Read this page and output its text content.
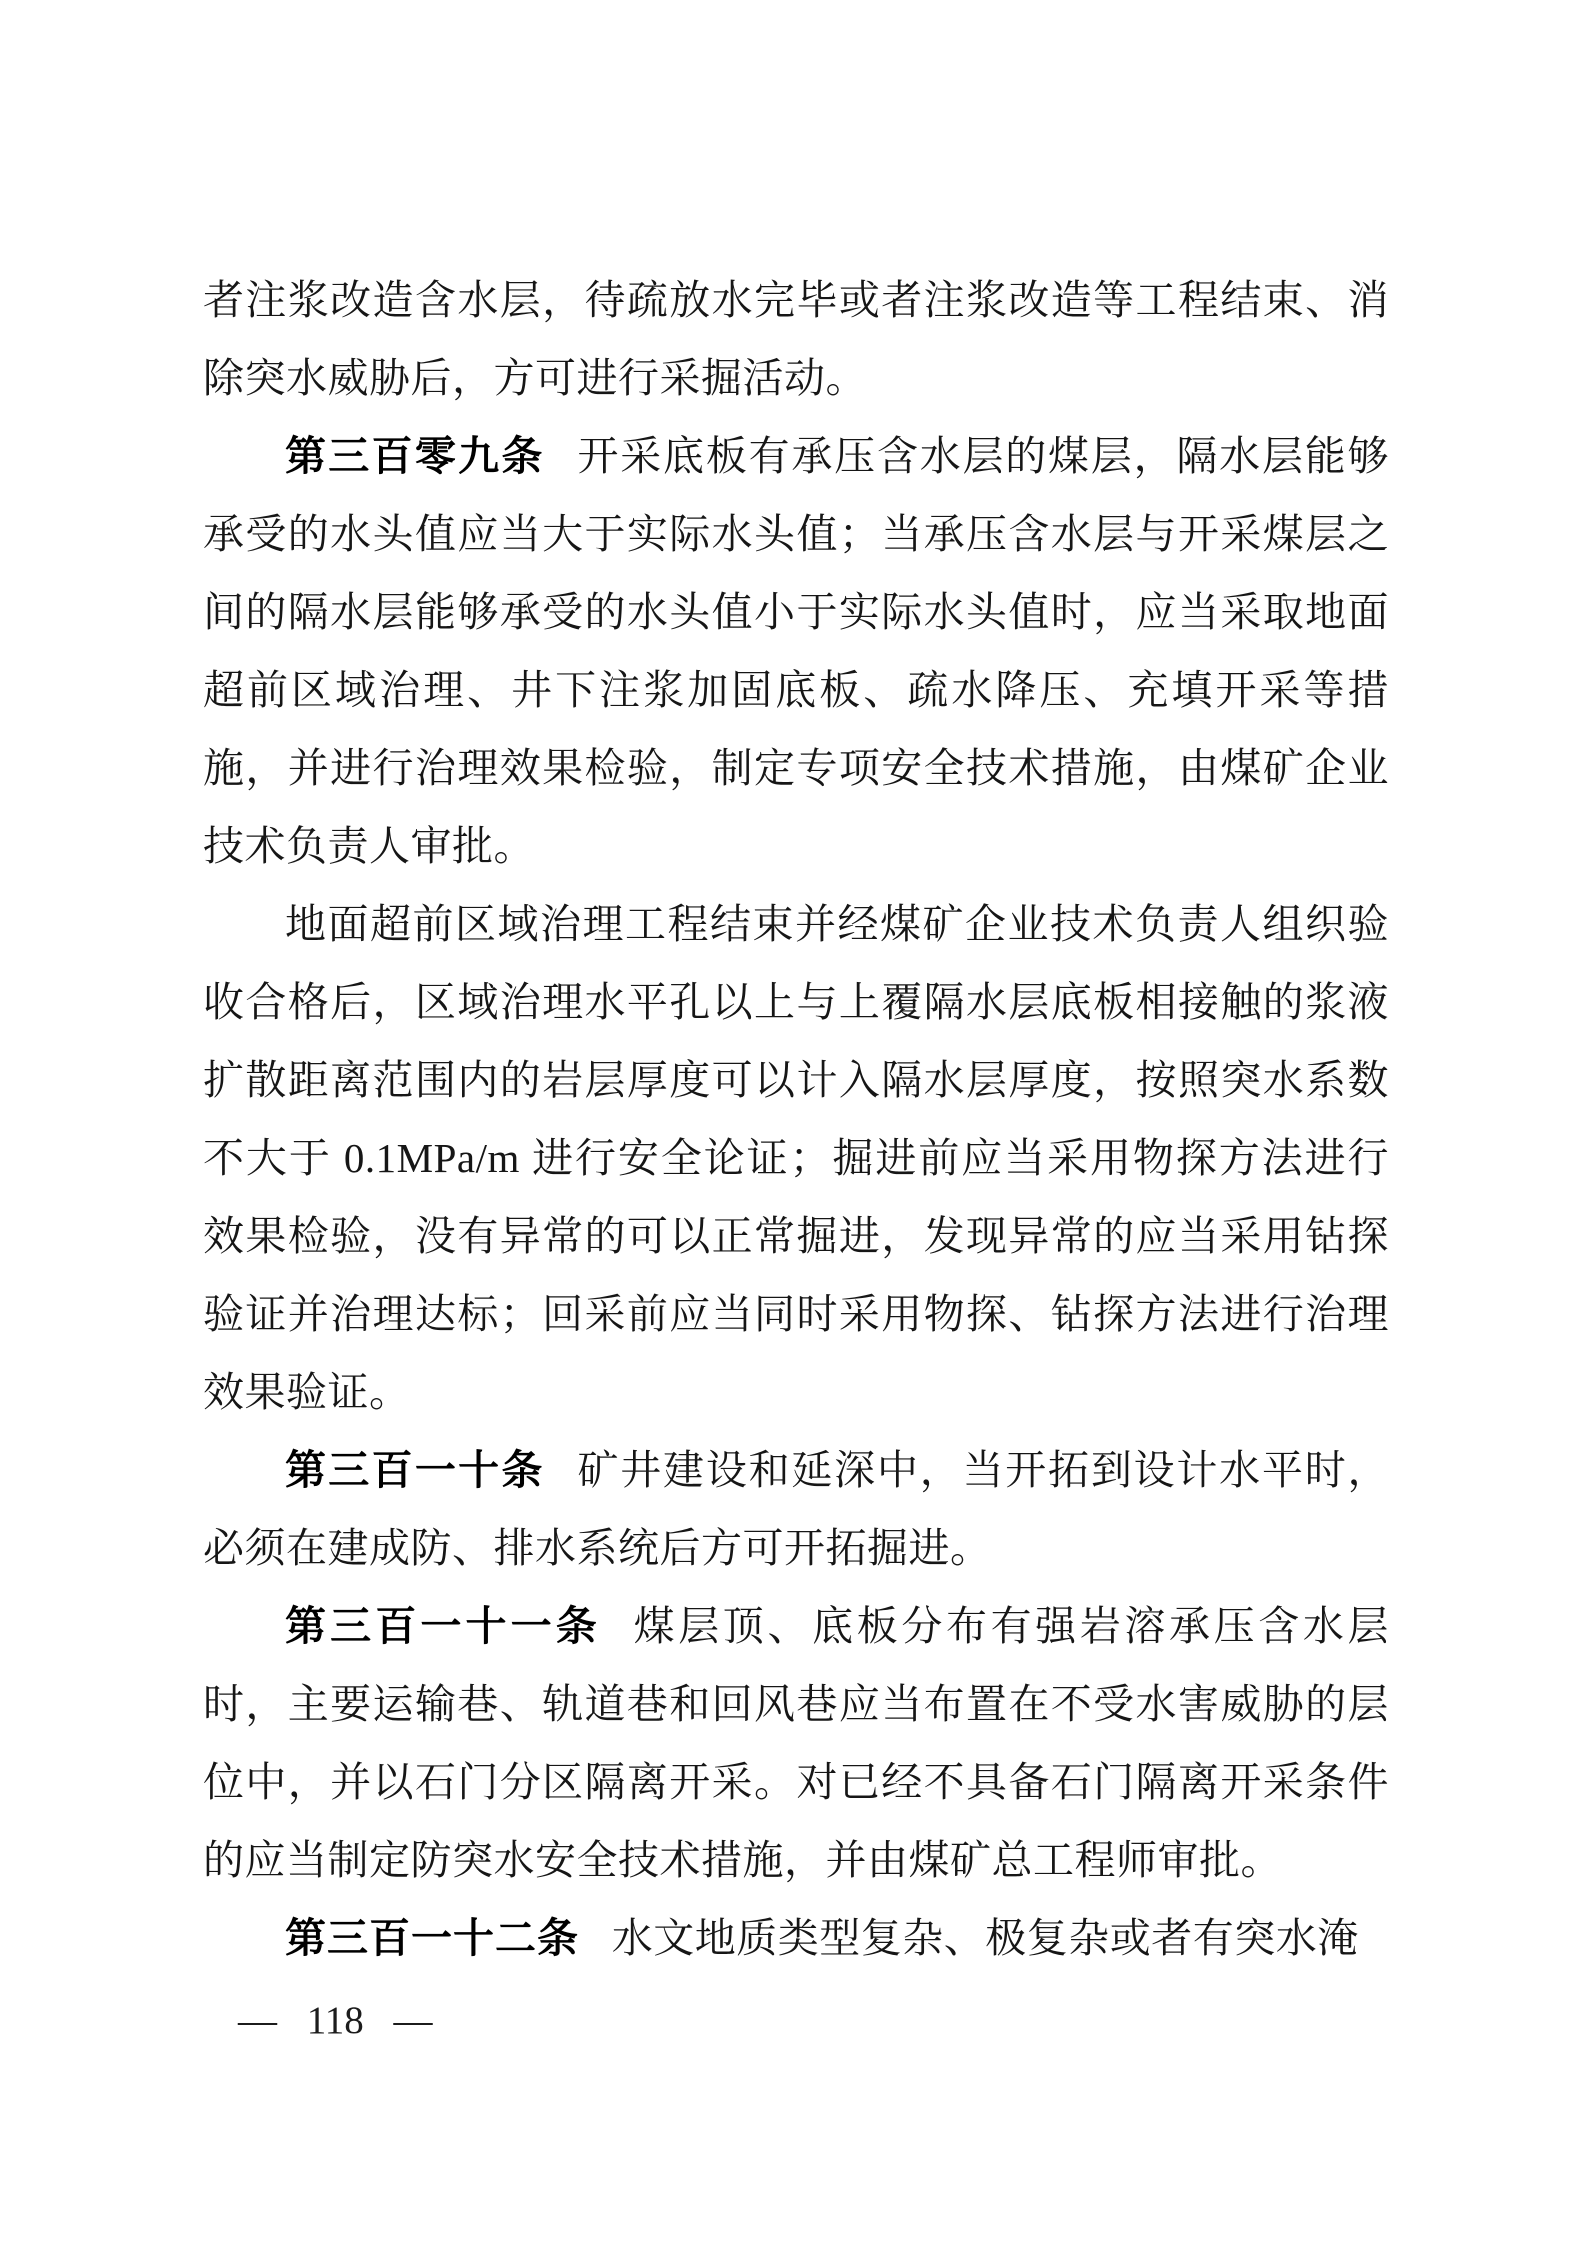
者注浆改造含水层，待疏放水完毕或者注浆改造等工程结束、消除突水威胁后，方可进行采掘活动。

第三百零九条 开采底板有承压含水层的煤层，隔水层能够承受的水头值应当大于实际水头值；当承压含水层与开采煤层之间的隔水层能够承受的水头值小于实际水头值时，应当采取地面超前区域治理、井下注浆加固底板、疏水降压、充填开采等措施，并进行治理效果检验，制定专项安全技术措施，由煤矿企业技术负责人审批。

地面超前区域治理工程结束并经煤矿企业技术负责人组织验收合格后，区域治理水平孔以上与上覆隔水层底板相接触的浆液扩散距离范围内的岩层厚度可以计入隔水层厚度，按照突水系数不大于 0.1MPa/m 进行安全论证；掘进前应当采用物探方法进行效果检验，没有异常的可以正常掘进，发现异常的应当采用钻探验证并治理达标；回采前应当同时采用物探、钻探方法进行治理效果验证。

第三百一十条 矿井建设和延深中，当开拓到设计水平时，必须在建成防、排水系统后方可开拓掘进。

第三百一十一条 煤层顶、底板分布有强岩溶承压含水层时，主要运输巷、轨道巷和回风巷应当布置在不受水害威胁的层位中，并以石门分区隔离开采。对已经不具备石门隔离开采条件的应当制定防突水安全技术措施，并由煤矿总工程师审批。

第三百一十二条 水文地质类型复杂、极复杂或者有突水淹

— 118 —
